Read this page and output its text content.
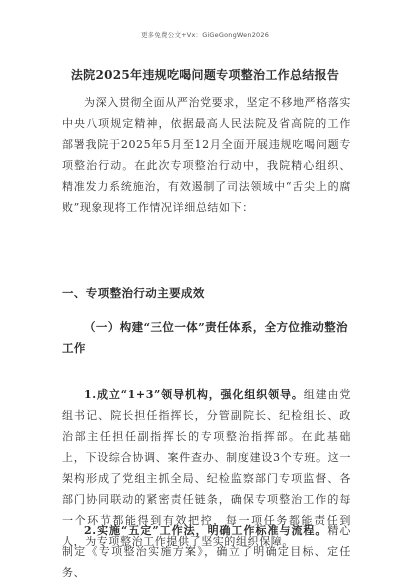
更多免费公文+Vx：GiGeGongWen2026
法院2025年违规吃喝问题专项整治工作总结报告
为深入贯彻全面从严治党要求，坚定不移地严格落实中央八项规定精神，依据最高人民法院及省高院的工作部署我院于2025年5月至12月全面开展违规吃喝问题专项整治行动。在此次专项整治行动中，我院精心组织、精准发力系统施治，有效遏制了司法领域中“舌尖上的腐败”现象现将工作情况详细总结如下：
一、专项整治行动主要成效
（一）构建“三位一体”责任体系，全方位推动整治工作
1.成立“1+3”领导机构，强化组织领导。组建由党组书记、院长担任指挥长，分管副院长、纪检组长、政治部主任担任副指挥长的专项整治指挥部。在此基础上，下设综合协调、案件查办、制度建设3个专班。这一架构形成了党组主抓全局、纪检监察部门专项监督、各部门协同联动的紧密责任链条，确保专项整治工作的每一个环节都能得到有效把控，每一项任务都能责任到人，为专项整治工作提供了坚实的组织保障。
2.实施“五定”工作法，明确工作标准与流程。精心制定《专项整治实施方案》，确立了明确定目标、定任务、
